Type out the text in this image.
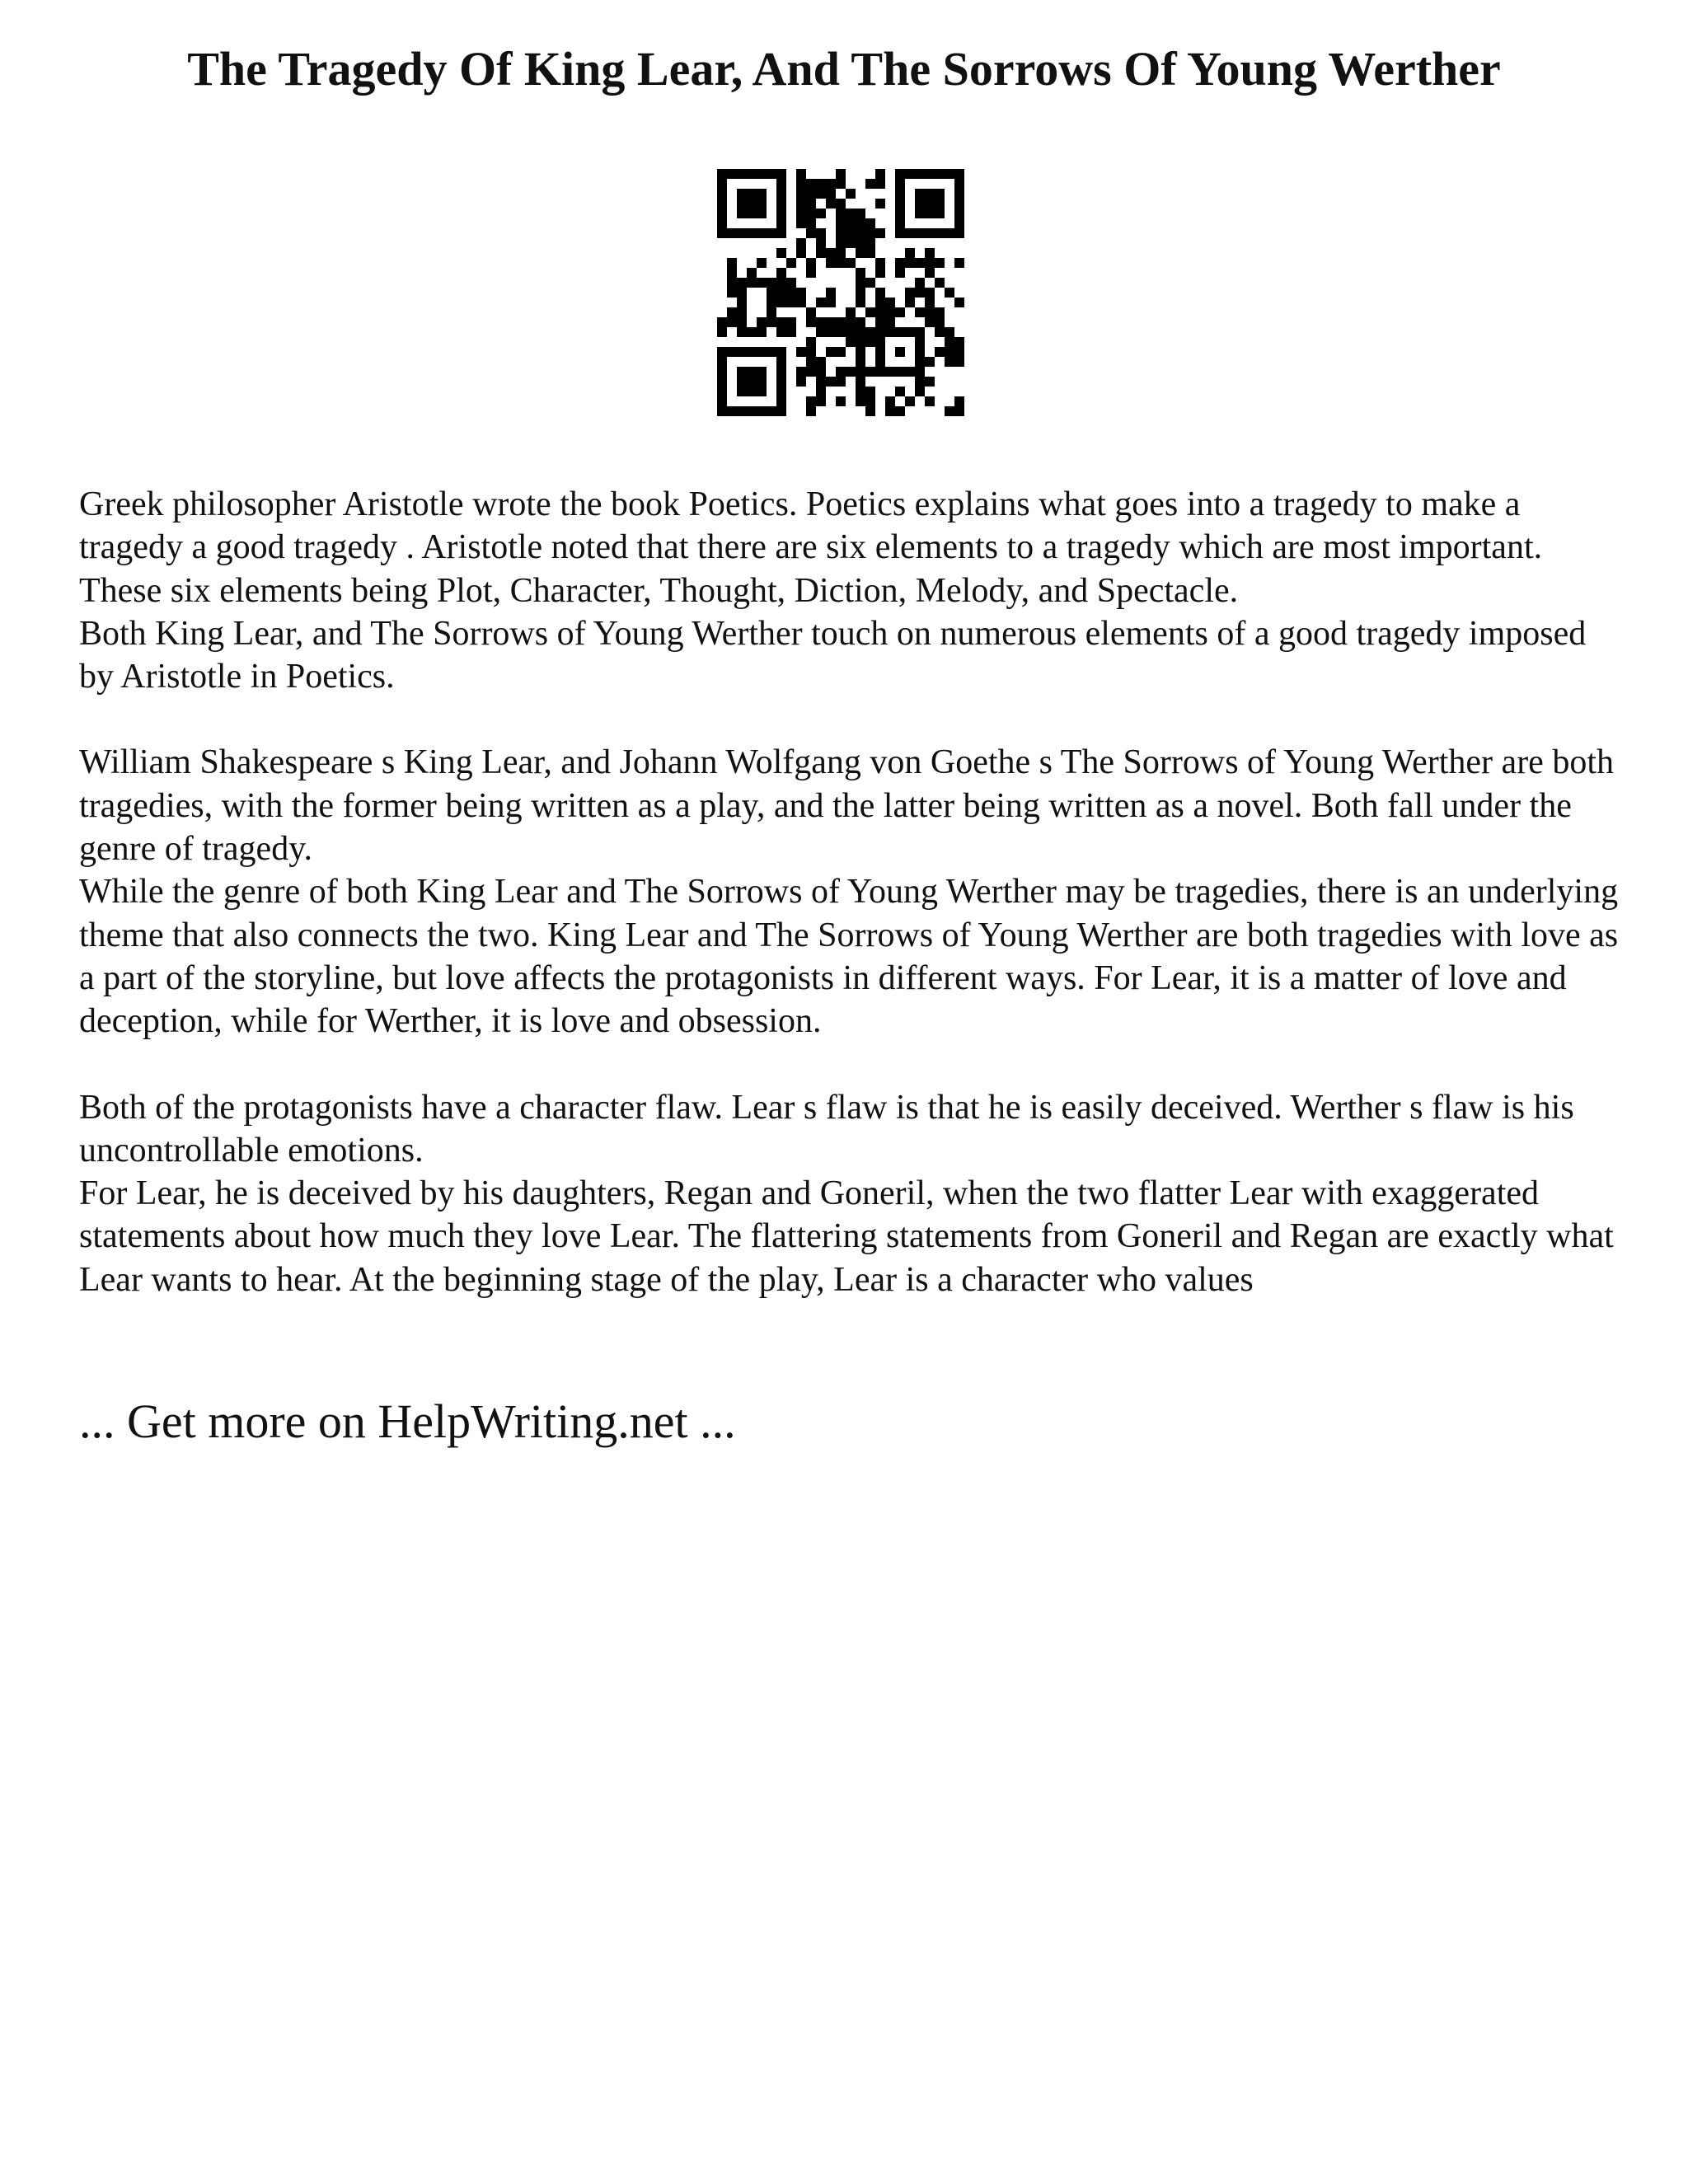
The Tragedy Of King Lear, And The Sorrows Of Young Werther

Greek philosopher Aristotle wrote the book Poetics. Poetics explains what goes into a tragedy to make a tragedy a good tragedy . Aristotle noted that there are six elements to a tragedy which are most important. These six elements being Plot, Character, Thought, Diction, Melody, and Spectacle.

Both King Lear, and The Sorrows of Young Werther touch on numerous elements of a good tragedy imposed by Aristotle in Poetics.

William Shakespeare s King Lear, and Johann Wolfgang von Goethe s The Sorrows of Young Werther are both tragedies, with the former being written as a play, and the latter being written as a novel. Both fall under the genre of tragedy.

While the genre of both King Lear and The Sorrows of Young Werther may be tragedies, there is an underlying theme that also connects the two. King Lear and The Sorrows of Young Werther are both tragedies with love as a part of the storyline, but love affects the protagonists in different ways. For Lear, it is a matter of love and deception, while for Werther, it is love and obsession.

Both of the protagonists have a character flaw. Lear s flaw is that he is easily deceived. Werther s flaw is his uncontrollable emotions.

For Lear, he is deceived by his daughters, Regan and Goneril, when the two flatter Lear with exaggerated statements about how much they love Lear. The flattering statements from Goneril and Regan are exactly what Lear wants to hear. At the beginning stage of the play, Lear is a character who values

... Get more on HelpWriting.net ...
